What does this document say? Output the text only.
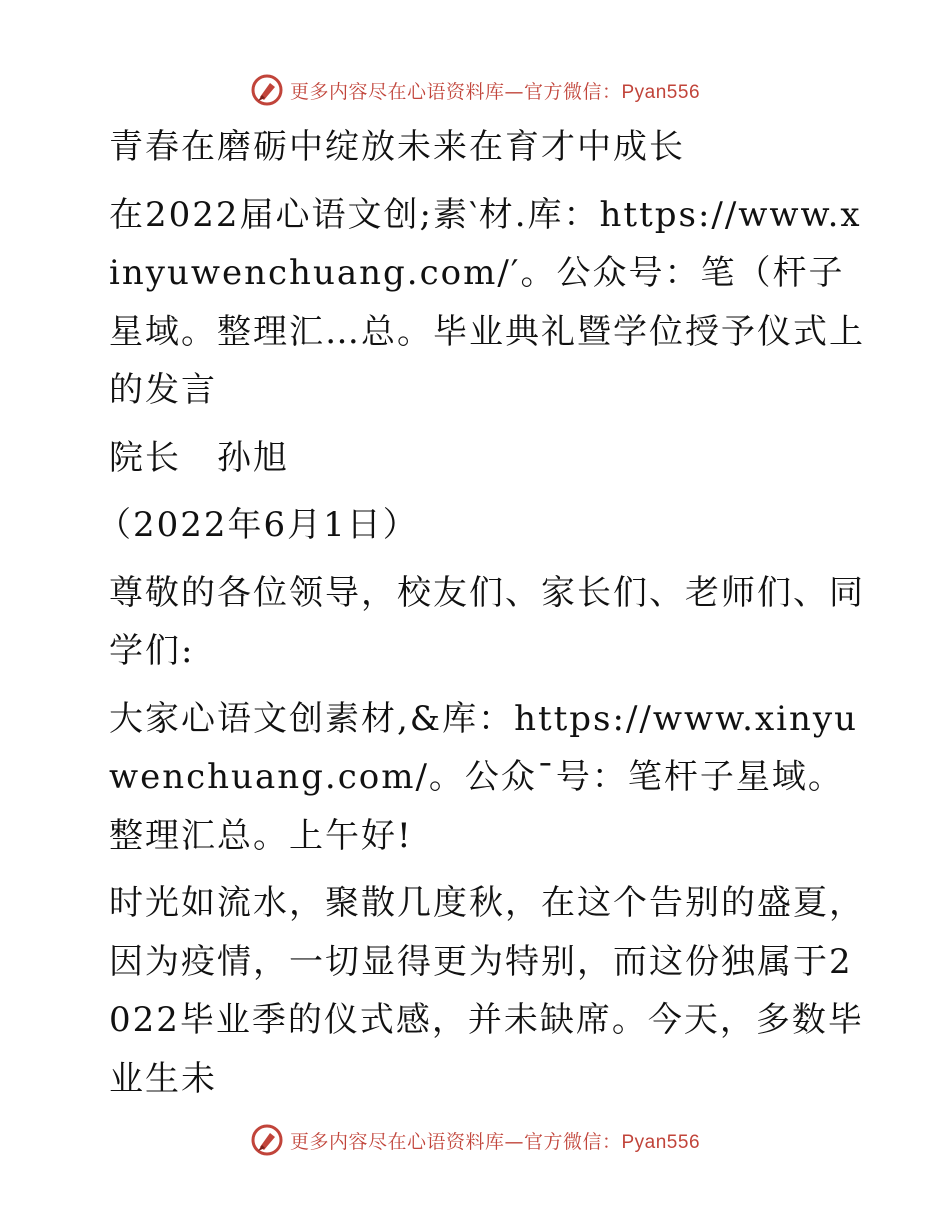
更多内容尽在心语资料库—官方微信：Pyan556

青春在磨砺中绽放未来在育才中成长

在2022届心语文创;素‵材.库：https://www.xinyuwenchuang.com/′。公众号：笔（杆子星域。整理汇…总。毕业典礼暨学位授予仪式上的发言

院长　孙旭

（2022年6月1日）

尊敬的各位领导，校友们、家长们、老师们、同学们:

大家心语文创素材,&库：https://www.xinyuwenchuang.com/。公众¯号：笔杆子星域。整理汇总。上午好!

时光如流水，聚散几度秋，在这个告别的盛夏，因为疫情，一切显得更为特别，而这份独属于2022毕业季的仪式感，并未缺席。今天，多数毕业生未

更多内容尽在心语资料库—官方微信：Pyan556
